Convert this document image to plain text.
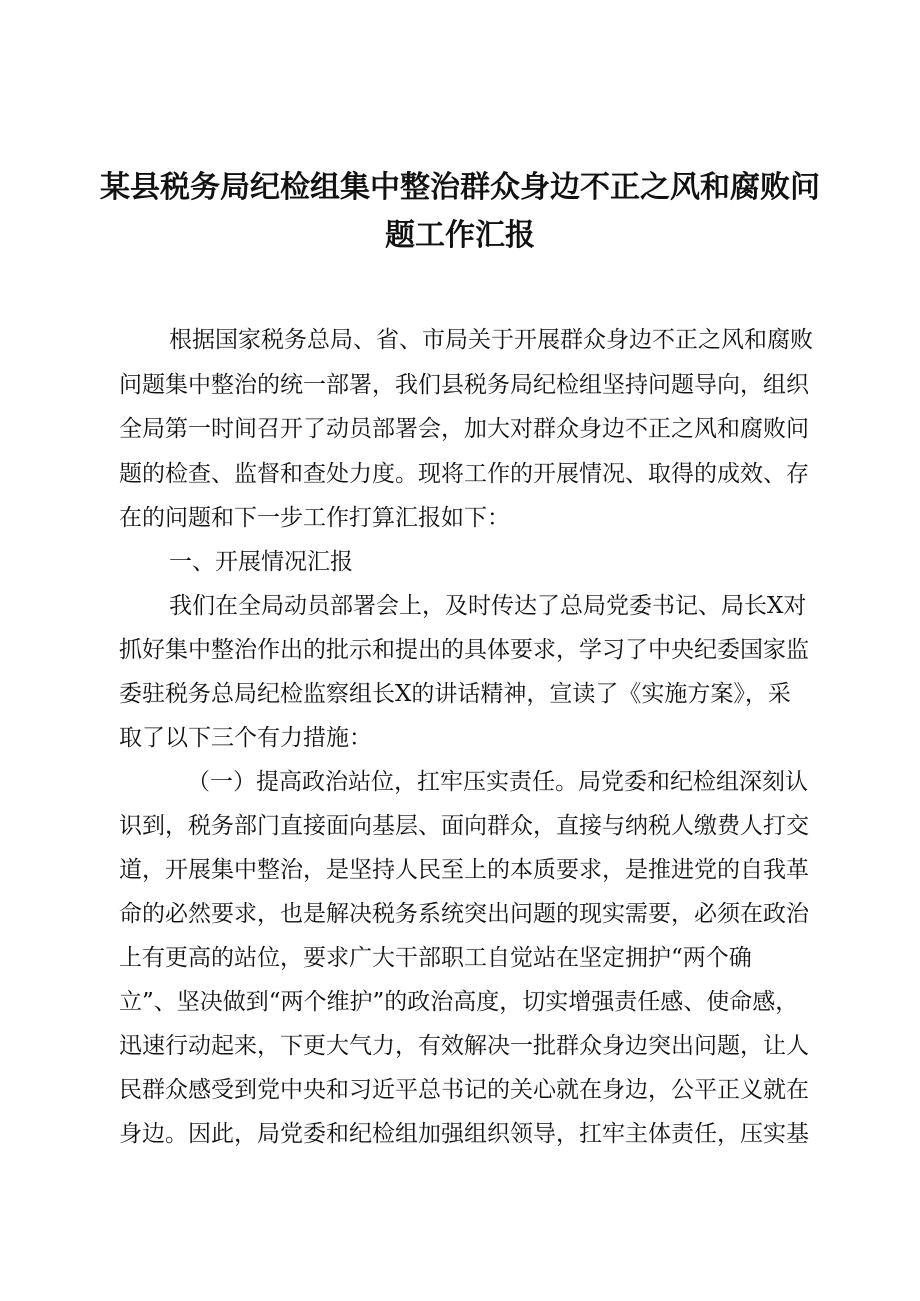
某县税务局纪检组集中整治群众身边不正之风和腐败问
题工作汇报
根据国家税务总局、省、市局关于开展群众身边不正之风和腐败
问题集中整治的统一部署，我们县税务局纪检组坚持问题导向，组织
全局第一时间召开了动员部署会，加大对群众身边不正之风和腐败问
题的检查、监督和查处力度。现将工作的开展情况、取得的成效、存
在的问题和下一步工作打算汇报如下：
一、开展情况汇报
我们在全局动员部署会上，及时传达了总局党委书记、局长X对
抓好集中整治作出的批示和提出的具体要求，学习了中央纪委国家监
委驻税务总局纪检监察组长X的讲话精神，宣读了《实施方案》，采
取了以下三个有力措施：
（一）提高政治站位，扛牢压实责任。局党委和纪检组深刻认
识到，税务部门直接面向基层、面向群众，直接与纳税人缴费人打交
道，开展集中整治，是坚持人民至上的本质要求，是推进党的自我革
命的必然要求，也是解决税务系统突出问题的现实需要，必须在政治
上有更高的站位，要求广大干部职工自觉站在坚定拥护“两个确
立”、坚决做到“两个维护”的政治高度，切实增强责任感、使命感，
迅速行动起来，下更大气力，有效解决一批群众身边突出问题，让人
民群众感受到党中央和习近平总书记的关心就在身边，公平正义就在
身边。因此，局党委和纪检组加强组织领导，扛牢主体责任，压实基
